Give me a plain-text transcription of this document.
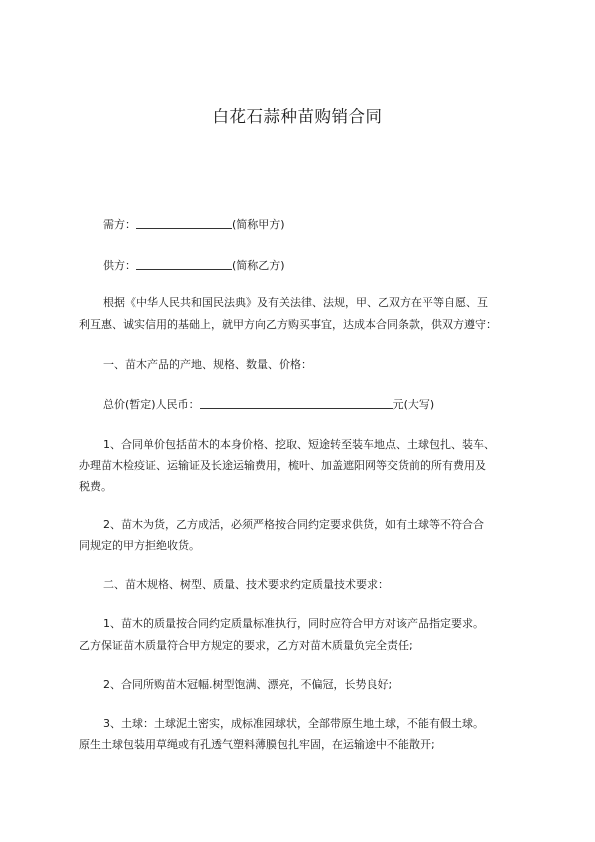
白花石蒜种苗购销合同
需方：	(简称甲方)
供方：	(简称乙方)
根据《中华人民共和国民法典》及有关法律、法规，甲、乙双方在平等自愿、互
利互惠、诚实信用的基础上，就甲方向乙方购买事宜，达成本合同条款，供双方遵守：
一、苗木产品的产地、规格、数量、价格：
总价(暂定)人民币：	元(大写)
1、合同单价包括苗木的本身价格、挖取、短途转至装车地点、土球包扎、装车、
办理苗木检疫证、运输证及长途运输费用，梳叶、加盖遮阳网等交货前的所有费用及
税费。
2、苗木为货，乙方成活，必须严格按合同约定要求供货，如有土球等不符合合
同规定的甲方拒绝收货。
二、苗木规格、树型、质量、技术要求约定质量技术要求：
1、苗木的质量按合同约定质量标准执行，同时应符合甲方对该产品指定要求。
乙方保证苗木质量符合甲方规定的要求，乙方对苗木质量负完全责任;
2、合同所购苗木冠幅.树型饱满、漂亮，不偏冠，长势良好;
3、土球：土球泥土密实，成标准园球状，全部带原生地土球，不能有假土球。
原生土球包装用草绳或有孔透气塑料薄膜包扎牢固，在运输途中不能散开;
